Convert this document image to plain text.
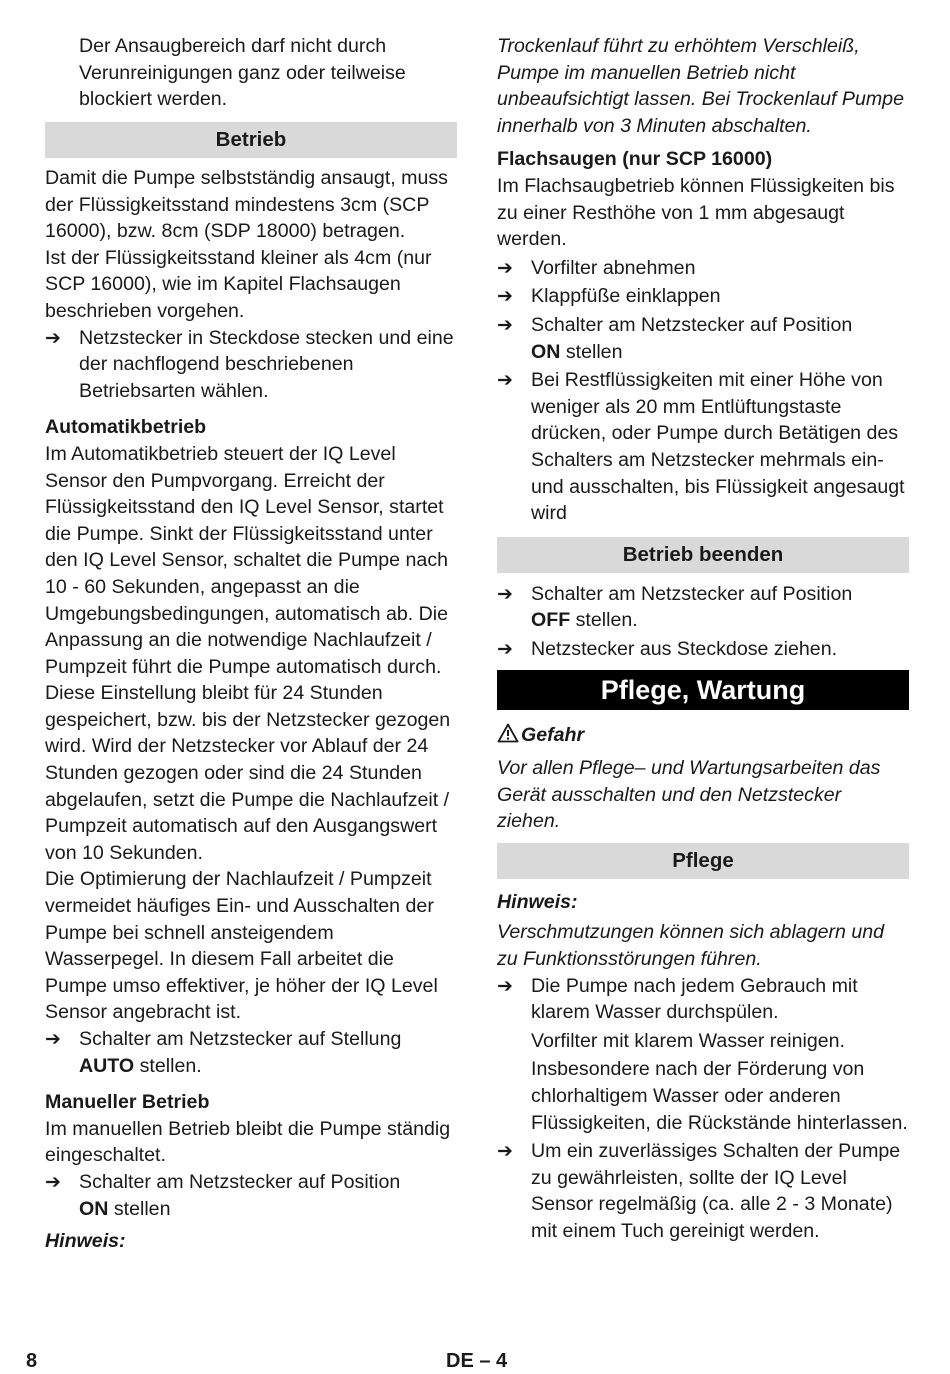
Der Ansaugbereich darf nicht durch Verunreinigungen ganz oder teilweise blockiert werden.

Betrieb

Damit die Pumpe selbstständig ansaugt, muss der Flüssigkeitsstand mindestens 3cm (SCP 16000), bzw. 8cm (SDP 18000) betragen.

Ist der Flüssigkeitsstand kleiner als 4cm (nur SCP 16000), wie im Kapitel Flachsaugen beschrieben vorgehen.

➔ Netzstecker in Steckdose stecken und eine der nachflogend beschriebenen Betriebsarten wählen.
Automatikbetrieb

Im Automatikbetrieb steuert der IQ Level Sensor den Pumpvorgang. Erreicht der Flüssigkeitsstand den IQ Level Sensor, startet die Pumpe. Sinkt der Flüssigkeitsstand unter den IQ Level Sensor, schaltet die Pumpe nach 10 - 60 Sekunden, angepasst an die Umgebungsbedingungen, automatisch ab. Die Anpassung an die notwendige Nachlaufzeit / Pumpzeit führt die Pumpe automatisch durch. Diese Einstellung bleibt für 24 Stunden gespeichert, bzw. bis der Netzstecker gezogen wird. Wird der Netzstecker vor Ablauf der 24 Stunden gezogen oder sind die 24 Stunden abgelaufen, setzt die Pumpe die Nachlaufzeit / Pumpzeit automatisch auf den Ausgangswert von 10 Sekunden.

Die Optimierung der Nachlaufzeit / Pumpzeit vermeidet häufiges Ein- und Ausschalten der Pumpe bei schnell ansteigendem Wasserpegel. In diesem Fall arbeitet die Pumpe umso effektiver, je höher der IQ Level Sensor angebracht ist.

➔ Schalter am Netzstecker auf Stellung
AUTO stellen.
Manueller Betrieb

Im manuellen Betrieb bleibt die Pumpe ständig eingeschaltet.

➔ Schalter am Netzstecker auf Position
ON stellen

Hinweis:

Trockenlauf führt zu erhöhtem Verschleiß, Pumpe im manuellen Betrieb nicht unbeaufsichtigt lassen. Bei Trockenlauf Pumpe innerhalb von 3 Minuten abschalten.

Flachsaugen (nur SCP 16000)

Im Flachsaugbetrieb können Flüssigkeiten bis zu einer Resthöhe von 1 mm abgesaugt werden.

➔ Vorfilter abnehmen
➔ Klappfüße einklappen
➔ Schalter am Netzstecker auf Position
ON stellen
➔ Bei Restflüssigkeiten mit einer Höhe von weniger als 20 mm Entlüftungstaste drücken, oder Pumpe durch Betätigen des Schalters am Netzstecker mehrmals ein- und ausschalten, bis Flüssigkeit angesaugt wird
Betrieb beenden
➔ Schalter am Netzstecker auf Position
OFF stellen.
➔ Netzstecker aus Steckdose ziehen.
Pflege, Wartung

Gefahr

Vor allen Pflege– und Wartungsarbeiten das Gerät ausschalten und den Netzstecker ziehen.

Pflege

Hinweis:

Verschmutzungen können sich ablagern und zu Funktionsstörungen führen.

➔ Die Pumpe nach jedem Gebrauch mit klarem Wasser durchspülen.

Vorfilter mit klarem Wasser reinigen.

Insbesondere nach der Förderung von chlorhaltigem Wasser oder anderen Flüssigkeiten, die Rückstände hinterlassen.

➔ Um ein zuverlässiges Schalten der Pumpe zu gewährleisten, sollte der IQ Level Sensor regelmäßig (ca. alle 2 - 3 Monate) mit einem Tuch gereinigt werden.
8	DE – 4
